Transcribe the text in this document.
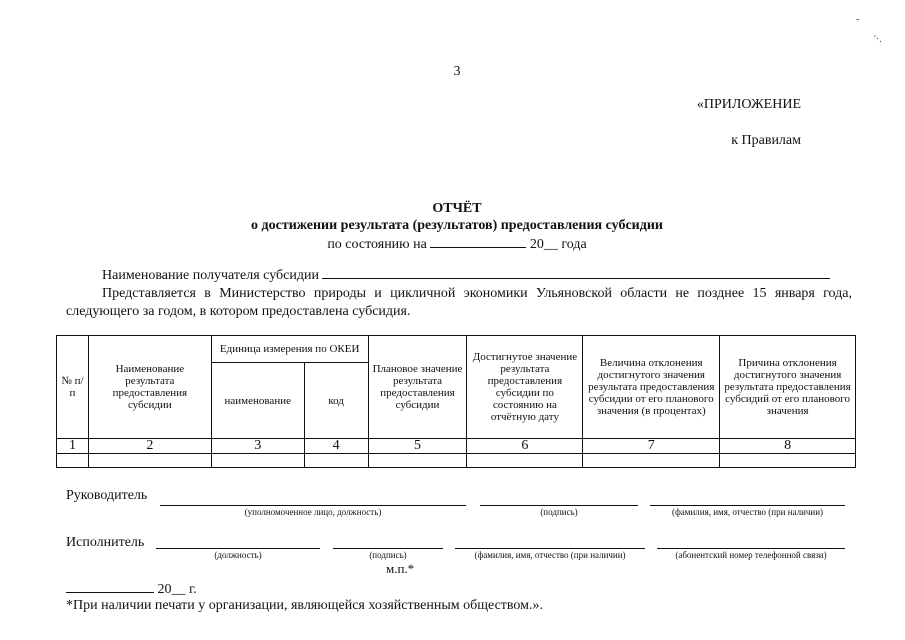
3
-
'·.
«ПРИЛОЖЕНИЕ
к Правилам
ОТЧЁТ
о достижении результата (результатов) предоставления субсидии
по состоянию на	20__ года
Наименование получателя субсидии
Представляется в Министерство природы и цикличной экономики Ульяновской области не позднее 15 января года, следующего за годом, в котором предоставлена субсидия.
№ п/п	Наименование результата предоставления субсидии	Единица измерения по ОКЕИ		Плановое значение результата предоставления субсидии	Достигнутое значение результата предоставления субсидии по состоянию на отчётную дату	Величина отклонения достигнутого значения результата предоставления субсидии от его планового значения (в процентах)	Причина отклонения достигнутого значения результата предоставления субсидий от его планового значения
		наименование	код				
1	2	3	4	5	6	7	8

Руководитель
(уполномоченное лицо, должность)	(подпись)	(фамилия, имя, отчество (при наличии)
Исполнитель
(должность)	(подпись)	(фамилия, имя, отчество (при наличии)	(абонентский номер телефонной связи)
м.п.*
20__ г.
*При наличии печати у организации, являющейся хозяйственным обществом.».
